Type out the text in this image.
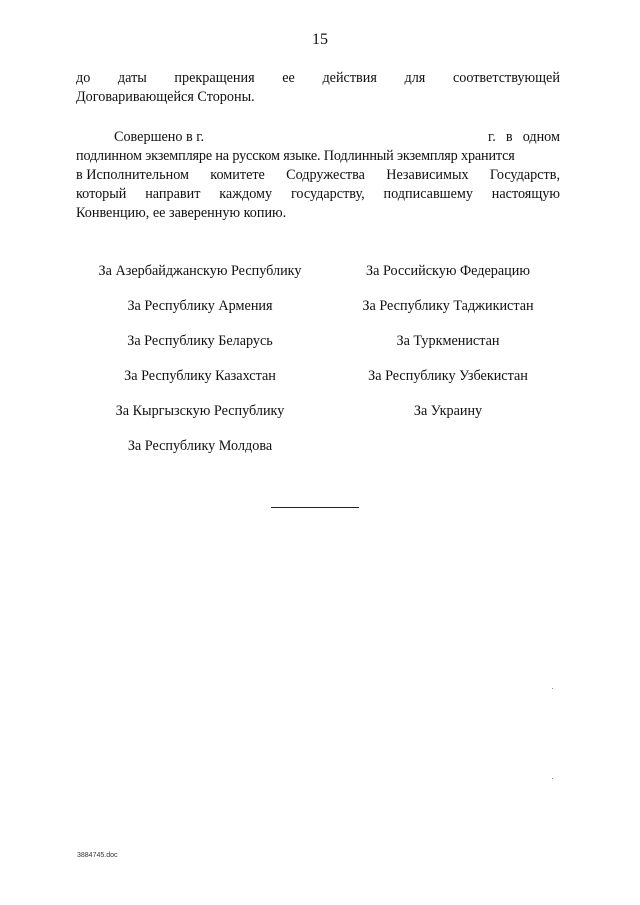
15
до даты прекращения ее действия для соответствующей
Договаривающейся Стороны.
Совершено в г.	г. в одном
подлинном экземпляре на русском языке. Подлинный экземпляр хранится
в Исполнительном комитете Содружества Независимых Государств,
который направит каждому государству, подписавшему настоящую
Конвенцию, ее заверенную копию.
За Азербайджанскую Республику
За Республику Армения
За Республику Беларусь
За Республику Казахстан
За Кыргызскую Республику
За Республику Молдова
За Российскую Федерацию
За Республику Таджикистан
За Туркменистан
За Республику Узбекистан
За Украину
3884745.doc
